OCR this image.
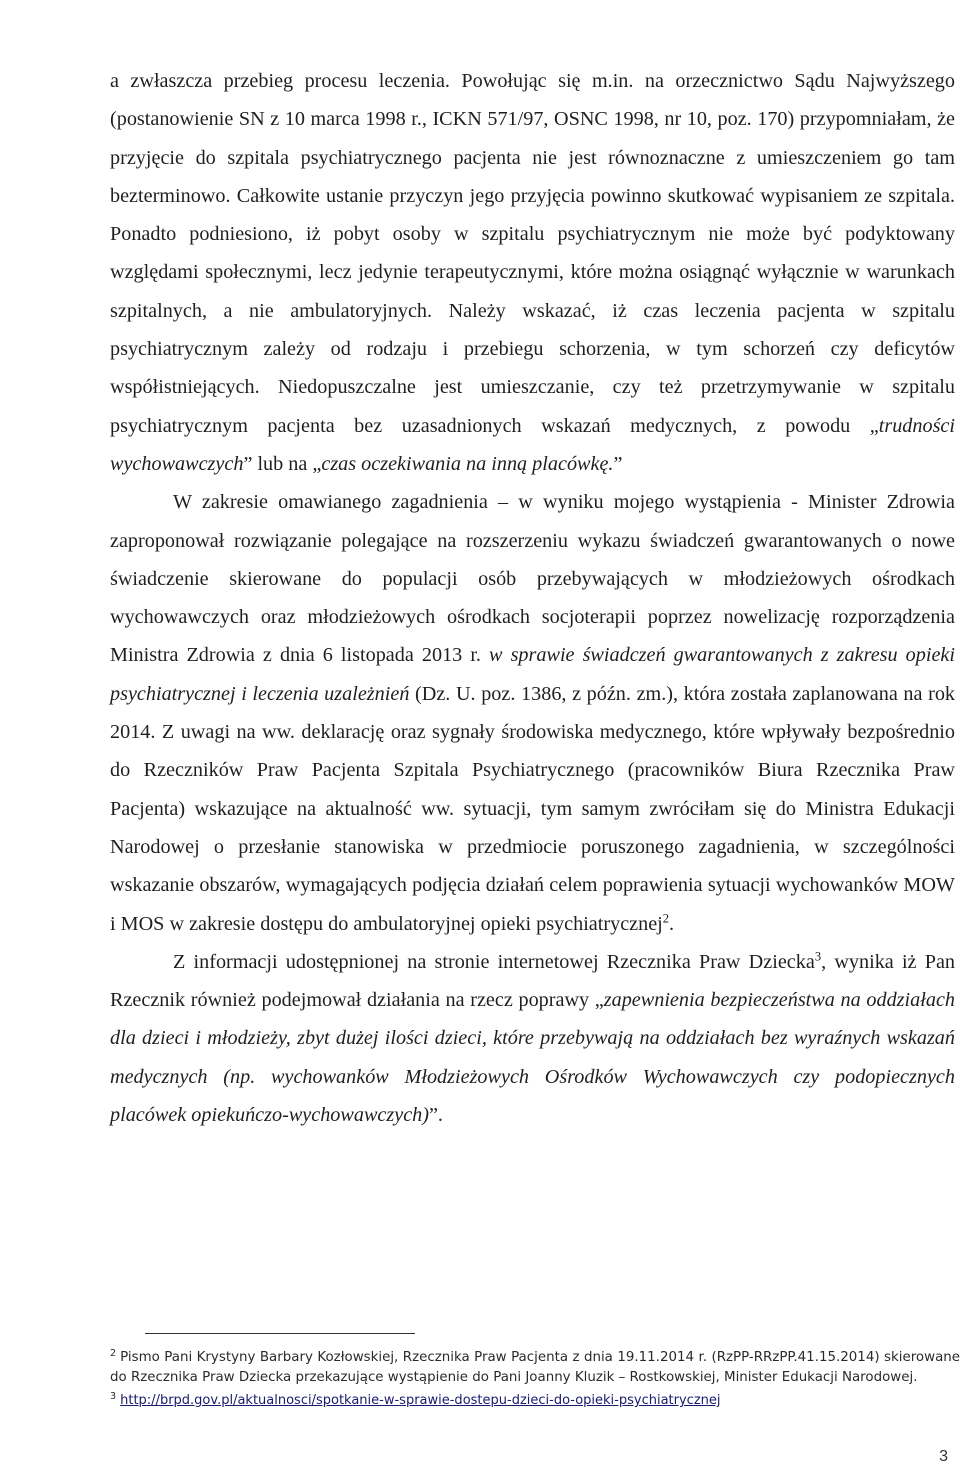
a zwłaszcza przebieg procesu leczenia. Powołując się m.in. na orzecznictwo Sądu Najwyższego (postanowienie SN z 10 marca 1998 r., ICKN 571/97, OSNC 1998, nr 10, poz. 170) przypomniałam, że przyjęcie do szpitala psychiatrycznego pacjenta nie jest równoznaczne z umieszczeniem go tam bezterminowo. Całkowite ustanie przyczyn jego przyjęcia powinno skutkować wypisaniem ze szpitala. Ponadto podniesiono, iż pobyt osoby w szpitalu psychiatrycznym nie może być podyktowany względami społecznymi, lecz jedynie terapeutycznymi, które można osiągnąć wyłącznie w warunkach szpitalnych, a nie ambulatoryjnych. Należy wskazać, iż czas leczenia pacjenta w szpitalu psychiatrycznym zależy od rodzaju i przebiegu schorzenia, w tym schorzeń czy deficytów współistniejących. Niedopuszczalne jest umieszczanie, czy też przetrzymywanie w szpitalu psychiatrycznym pacjenta bez uzasadnionych wskazań medycznych, z powodu „trudności wychowawczych” lub na „czas oczekiwania na inną placówkę.”

W zakresie omawianego zagadnienia – w wyniku mojego wystąpienia - Minister Zdrowia zaproponował rozwiązanie polegające na rozszerzeniu wykazu świadczeń gwarantowanych o nowe świadczenie skierowane do populacji osób przebywających w młodzieżowych ośrodkach wychowawczych oraz młodzieżowych ośrodkach socjoterapii poprzez nowelizację rozporządzenia Ministra Zdrowia z dnia 6 listopada 2013 r. w sprawie świadczeń gwarantowanych z zakresu opieki psychiatrycznej i leczenia uzależnień (Dz. U. poz. 1386, z późn. zm.), która została zaplanowana na rok 2014. Z uwagi na ww. deklarację oraz sygnały środowiska medycznego, które wpływały bezpośrednio do Rzeczników Praw Pacjenta Szpitala Psychiatrycznego (pracowników Biura Rzecznika Praw Pacjenta) wskazujące na aktualność ww. sytuacji, tym samym zwróciłam się do Ministra Edukacji Narodowej o przesłanie stanowiska w przedmiocie poruszonego zagadnienia, w szczególności wskazanie obszarów, wymagających podjęcia działań celem poprawienia sytuacji wychowanków MOW i MOS w zakresie dostępu do ambulatoryjnej opieki psychiatrycznej$^2$.

Z informacji udostępnionej na stronie internetowej Rzecznika Praw Dziecka$^3$, wynika iż Pan Rzecznik również podejmował działania na rzecz poprawy „zapewnienia bezpieczeństwa na oddziałach dla dzieci i młodzieży, zbyt dużej ilości dzieci, które przebywają na oddziałach bez wyraźnych wskazań medycznych (np. wychowanków Młodzieżowych Ośrodków Wychowawczych czy podopiecznych placówek opiekuńczo-wychowawczych)”.

$^2$ Pismo Pani Krystyny Barbary Kozłowskiej, Rzecznika Praw Pacjenta z dnia 19.11.2014 r. (RzPP-RRzPP.41.15.2014) skierowane do Rzecznika Praw Dziecka przekazujące wystąpienie do Pani Joanny Kluzik – Rostkowskiej, Minister Edukacji Narodowej.

$^3$ http://brpd.gov.pl/aktualnosci/spotkanie-w-sprawie-dostepu-dzieci-do-opieki-psychiatrycznej

3
